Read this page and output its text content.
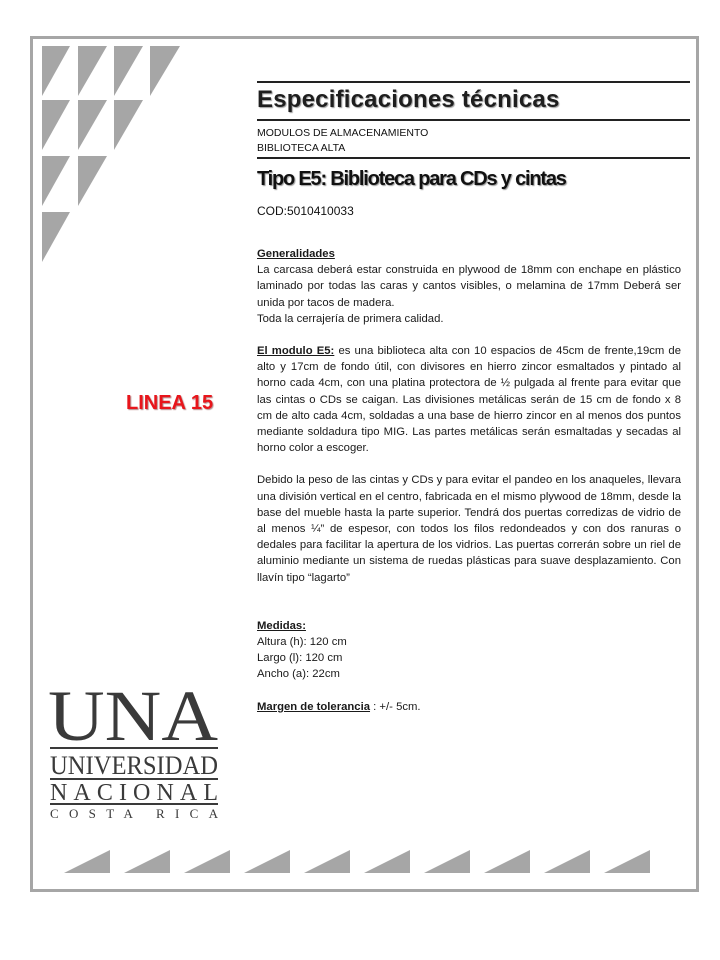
Especificaciones técnicas
MODULOS DE ALMACENAMIENTO
BIBLIOTECA ALTA
Tipo E5: Biblioteca para CDs y cintas
COD:5010410033
LINEA 15

Generalidades

La carcasa deberá estar construida en plywood de 18mm con enchape en plástico laminado por todas las caras y cantos visibles, o melamina de 17mm Deberá ser unida por tacos de madera.

Toda la cerrajería de primera calidad.

El modulo E5: es una biblioteca alta con 10 espacios de 45cm de frente,19cm de alto y 17cm de fondo útil, con divisores en hierro zincor esmaltados y pintado al horno cada 4cm, con una platina protectora de ½ pulgada al frente para evitar que las cintas o CDs se caigan. Las divisiones metálicas serán de 15 cm de fondo x 8 cm de alto cada 4cm, soldadas a una base de hierro zincor en al menos dos puntos mediante soldadura tipo MIG. Las partes metálicas serán esmaltadas y secadas al horno color a escoger.

Debido la peso de las cintas y CDs y para evitar el pandeo en los anaqueles, llevara una división vertical en el centro, fabricada en el mismo plywood de 18mm, desde la base del mueble hasta la parte superior. Tendrá dos puertas corredizas de vidrio de al menos ¼” de espesor, con todos los filos redondeados y con dos ranuras o dedales para facilitar la apertura de los vidrios. Las puertas correrán sobre un riel de aluminio mediante un sistema de ruedas plásticas para suave desplazamiento. Con llavín tipo “lagarto”

Medidas:

Altura (h): 120 cm

Largo (l): 120 cm

Ancho (a): 22cm

Margen de tolerancia : +/- 5cm.

UNA
UNIVERSIDAD
NACIONAL
COSTA RICA
